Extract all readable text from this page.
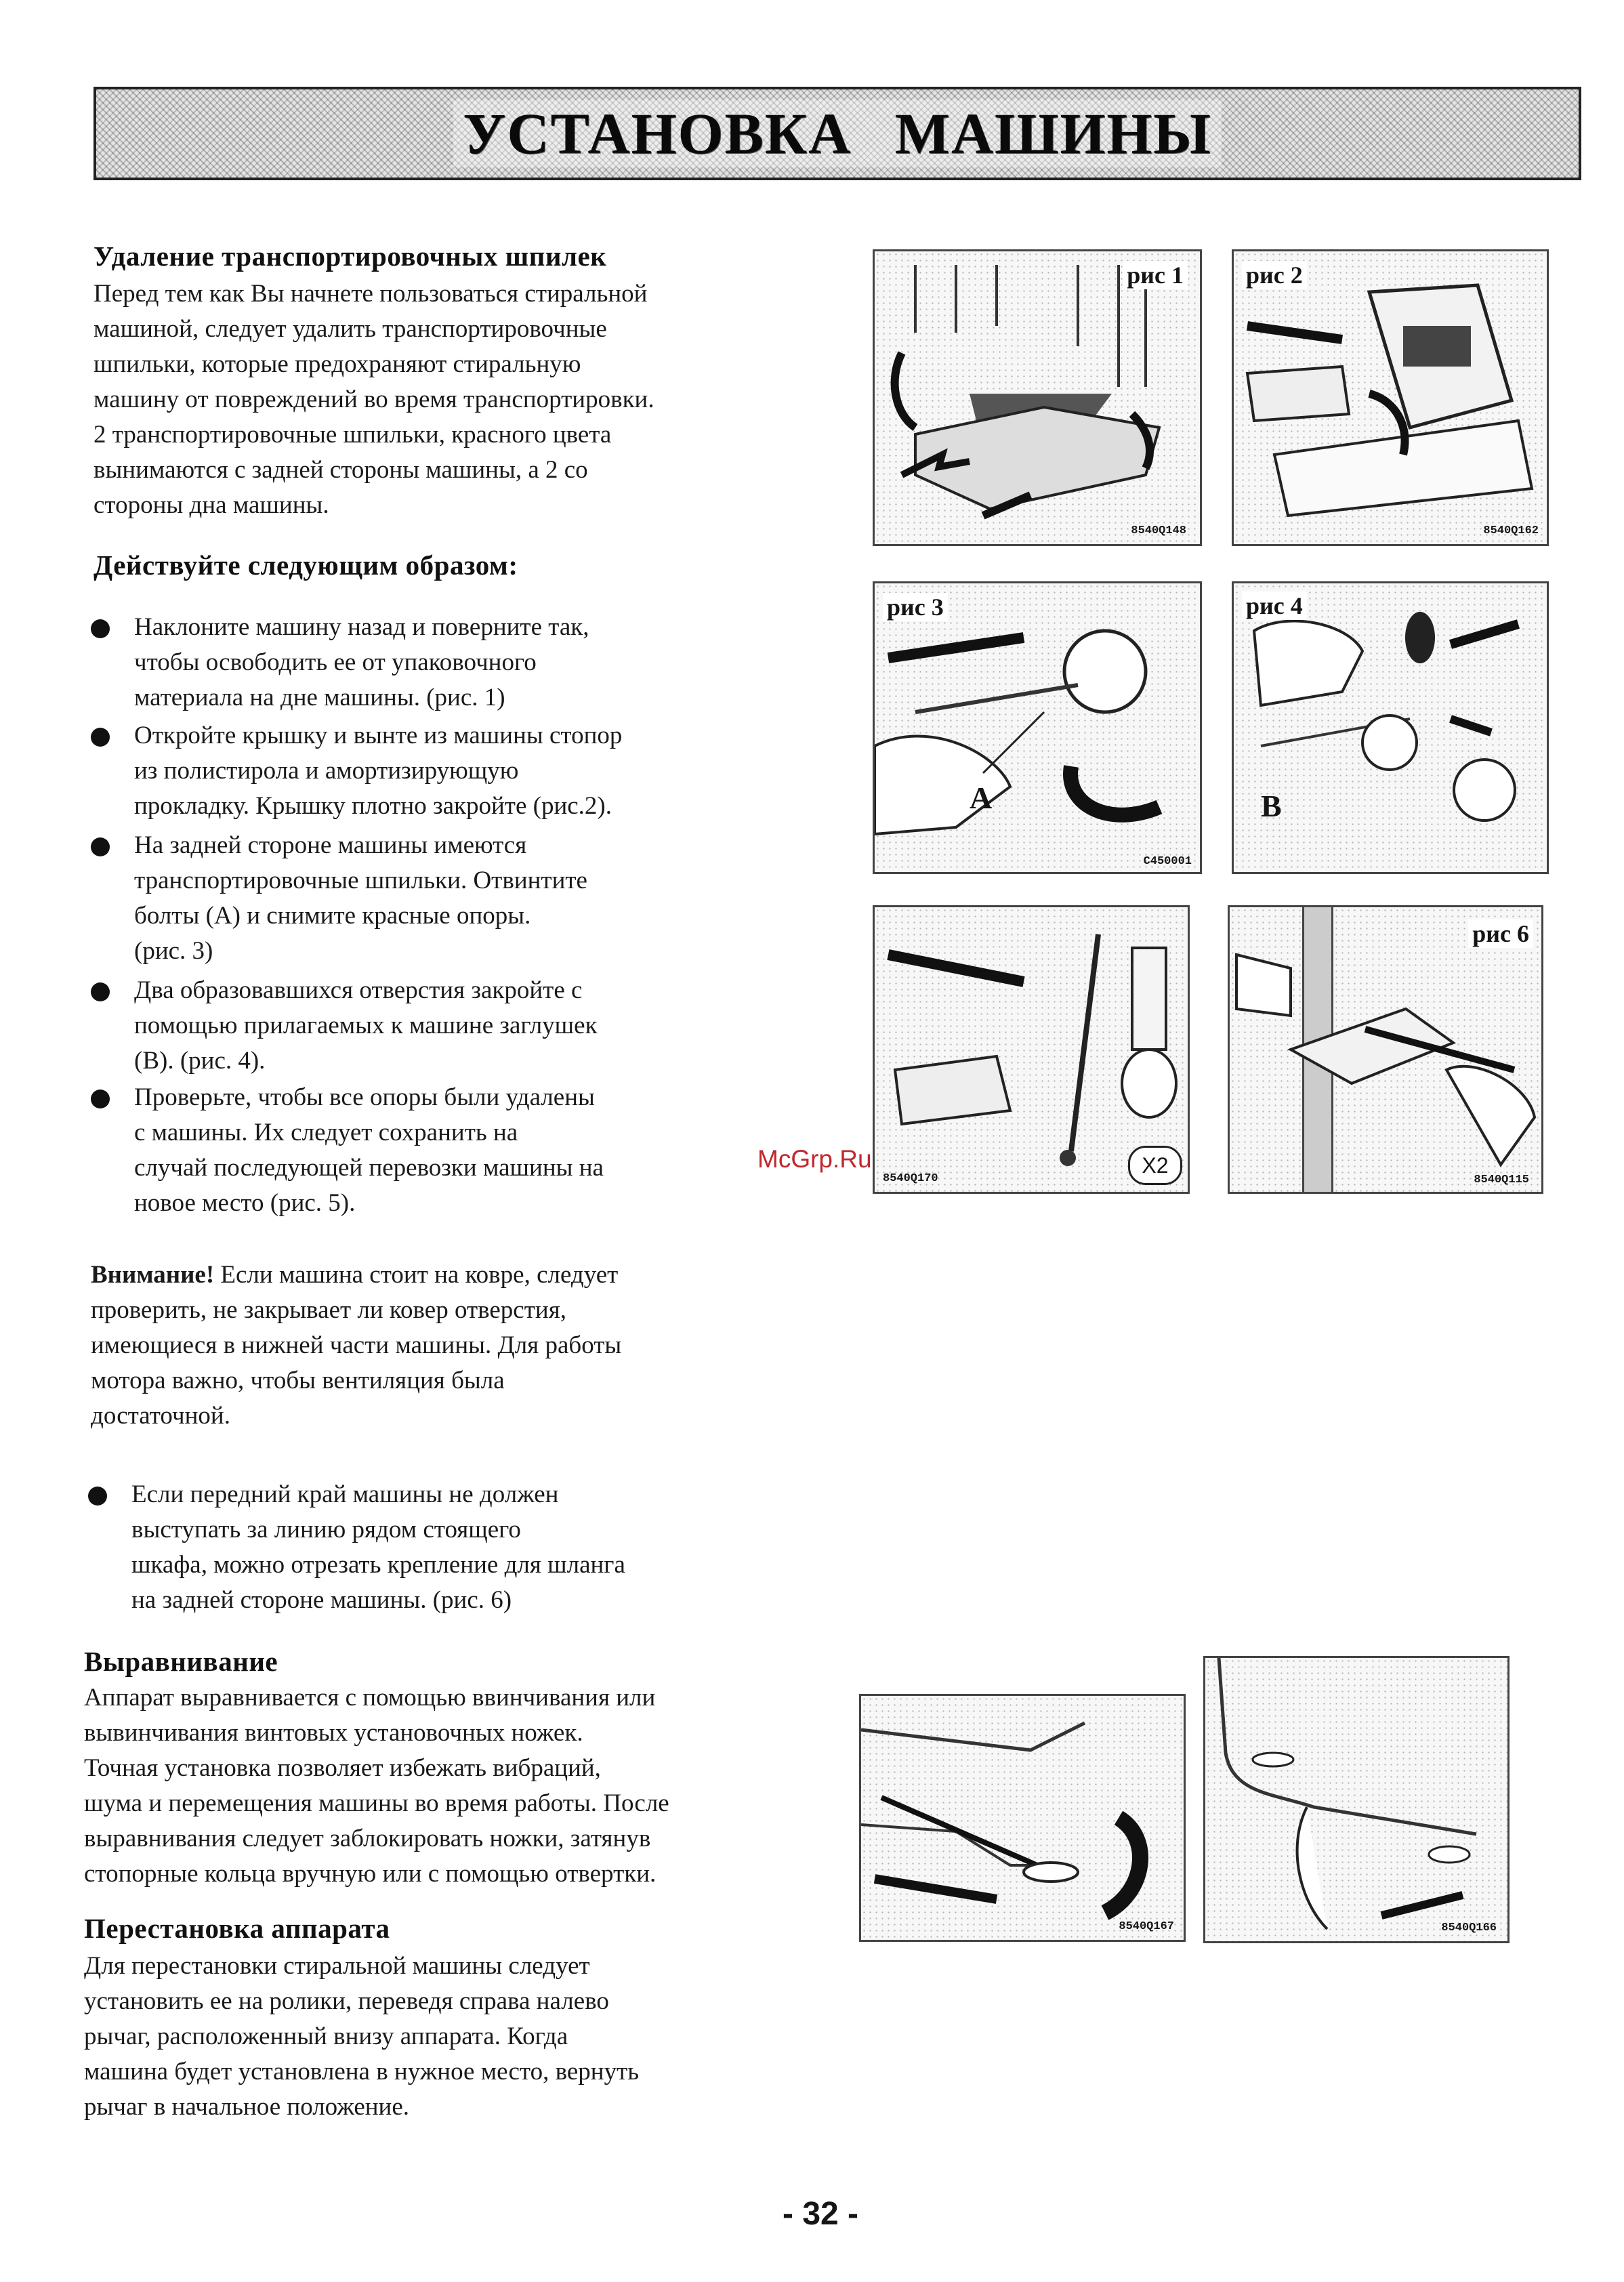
УСТАНОВКА МАШИНЫ
Удаление транспортировочных шпилек
Перед тем как Вы начнете пользоваться стиральной
машиной, следует удалить транспортировочные
шпильки, которые предохраняют стиральную
машину от повреждений во время транспортировки.
2 транспортировочные шпильки, красного цвета
вынимаются с задней стороны машины, а 2 со
стороны дна машины.
Действуйте следующим образом:
Наклоните машину назад и поверните так,
чтобы освободить ее от упаковочного
материала на дне машины. (рис. 1)
Откройте крышку и вынте из машины стопор
из полистирола и амортизирующую
прокладку. Крышку плотно закройте (рис.2).
На задней стороне машины имеются
транспортировочные шпильки. Отвинтите
болты (А) и снимите красные опоры.
(рис. 3)
Два образовавшихся отверстия закройте с
помощью прилагаемых к машине заглушек
(В). (рис. 4).
Проверьте, чтобы все опоры были удалены
с машины. Их следует сохранить на
случай последующей перевозки машины на
новое место (рис. 5).
Внимание! Если машина стоит на ковре, следует
проверить, не закрывает ли ковер отверстия,
имеющиеся в нижней части машины. Для работы
мотора важно, чтобы вентиляция была
достаточной.
Если передний край машины не должен
выступать за линию рядом стоящего
шкафа, можно отрезать крепление для шланга
на задней стороне машины. (рис. 6)
Выравнивание
Аппарат выравнивается с помощью ввинчивания или
вывинчивания винтовых установочных ножек.
Точная установка позволяет избежать вибраций,
шума и перемещения машины во время работы. После
выравнивания следует заблокировать ножки, затянув
стопорные кольца вручную или с помощью отвертки.
Перестановка аппарата
Для перестановки стиральной машины следует
установить ее на ролики, переведя справа налево
рычаг, расположенный внизу аппарата. Когда
машина будет установлена в нужное место, вернуть
рычаг в начальное положение.
рис 1
8540Q148
рис 2
8540Q162
рис 3
A
C450001
рис 4
B
8540Q170
X2
рис 6
8540Q115
8540Q167	8540Q166
McGrp.Ru
- 32 -
